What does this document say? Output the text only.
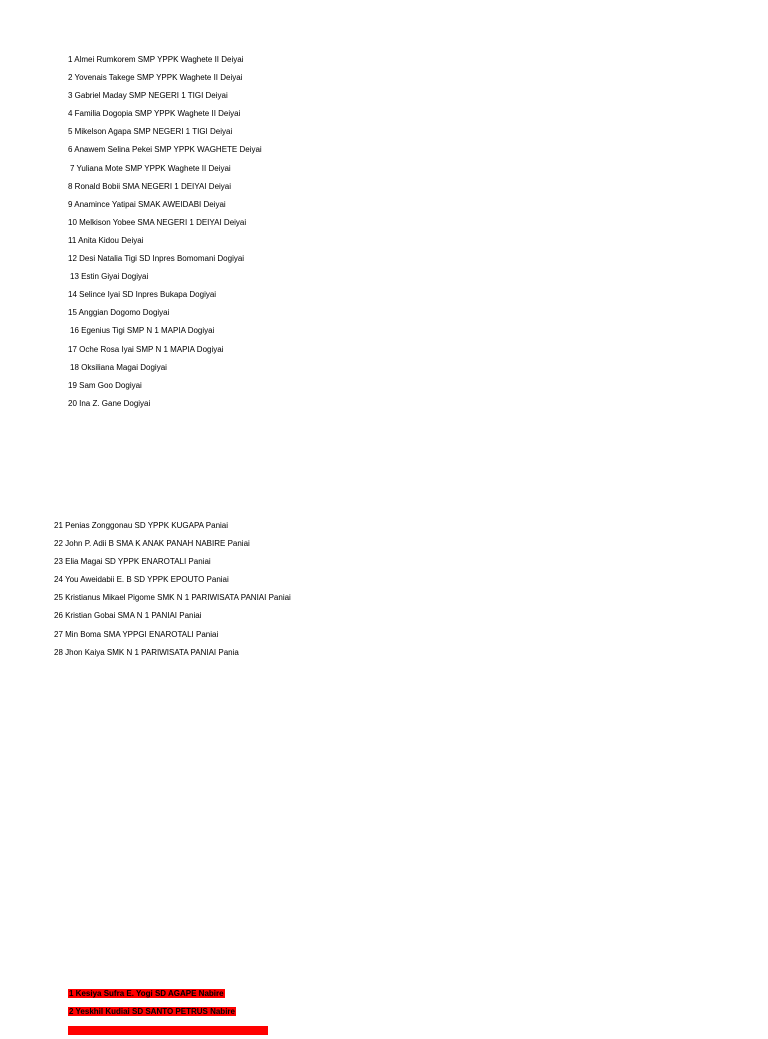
1 Almei Rumkorem SMP YPPK Waghete II Deiyai
2 Yovenais Takege SMP YPPK Waghete II Deiyai
3 Gabriel Maday SMP NEGERI 1 TIGI Deiyai
4 Familia Dogopia SMP YPPK Waghete II Deiyai
5 Mikelson Agapa SMP NEGERI 1 TIGI Deiyai
6 Anawem Selina Pekei SMP YPPK WAGHETE Deiyai
7 Yuliana Mote SMP YPPK Waghete II Deiyai
8 Ronald Bobii SMA NEGERI 1 DEIYAI Deiyai
9 Anamince Yatipai SMAK AWEIDABI Deiyai
10 Melkison Yobee SMA NEGERI 1 DEIYAI Deiyai
11 Anita Kidou Deiyai
12 Desi Natalia Tigi SD Inpres Bomomani Dogiyai
13 Estin Giyai Dogiyai
14 Selince Iyai SD Inpres Bukapa Dogiyai
15 Anggian Dogomo Dogiyai
16 Egenius Tigi SMP N 1 MAPIA Dogiyai
17 Oche Rosa Iyai SMP N 1 MAPIA Dogiyai
18 Oksiliana Magai Dogiyai
19 Sam Goo Dogiyai
20 Ina Z. Gane Dogiyai
21 Penias Zonggonau SD YPPK KUGAPA Paniai
22 John P. Adii B SMA K ANAK PANAH NABIRE Paniai
23 Elia Magai SD YPPK ENAROTALI Paniai
24 You Aweidabii E. B SD YPPK EPOUTO Paniai
25 Kristianus Mikael Pigome SMK N 1 PARIWISATA PANIAI Paniai
26 Kristian Gobai SMA N 1 PANIAI Paniai
27 Min Boma SMA YPPGI ENAROTALI Paniai
28 Jhon Kaiya SMK N 1 PARIWISATA PANIAI Pania
1 Kesiya Sufra E. Yogi SD AGAPE Nabire
2 Yeskhil Kudiai SD SANTO PETRUS Nabire
